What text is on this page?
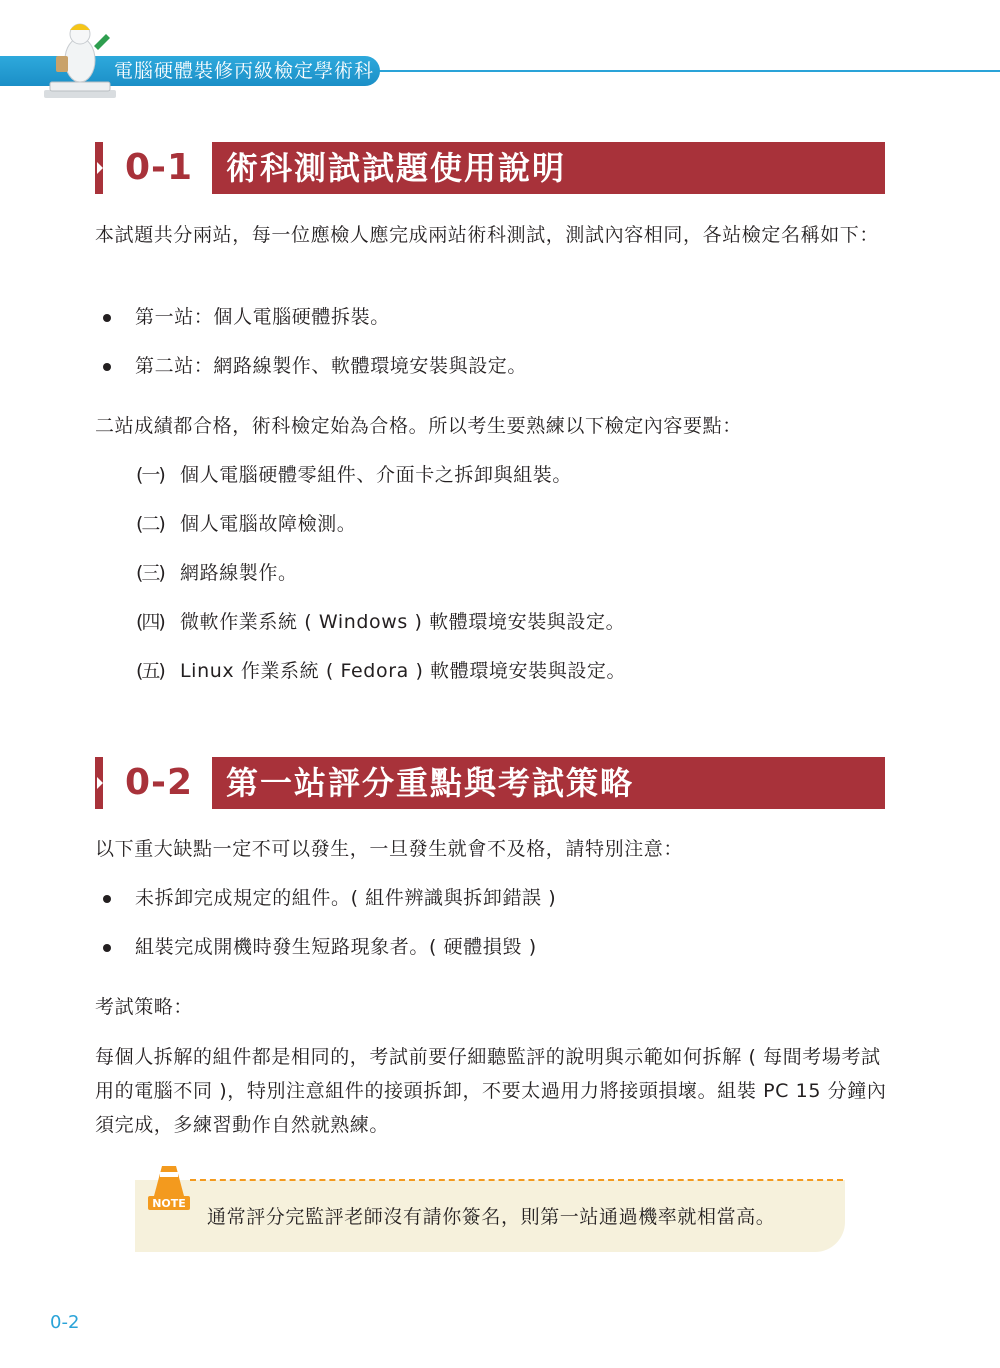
電腦硬體裝修丙級檢定學術科
0-1	術科測試試題使用說明
本試題共分兩站，每一位應檢人應完成兩站術科測試，測試內容相同，各站檢定名稱如下：
第一站：個人電腦硬體拆裝。
第二站：網路線製作、軟體環境安裝與設定。
二站成績都合格，術科檢定始為合格。所以考生要熟練以下檢定內容要點：
(一) 個人電腦硬體零組件、介面卡之拆卸與組裝。
(二) 個人電腦故障檢測。
(三) 網路線製作。
(四) 微軟作業系統 ( Windows ) 軟體環境安裝與設定。
(五) Linux 作業系統 ( Fedora ) 軟體環境安裝與設定。
0-2	第一站評分重點與考試策略
以下重大缺點一定不可以發生，一旦發生就會不及格，請特別注意：
未拆卸完成規定的組件。( 組件辨識與拆卸錯誤 )
組裝完成開機時發生短路現象者。( 硬體損毀 )
考試策略：
每個人拆解的組件都是相同的，考試前要仔細聽監評的說明與示範如何拆解 ( 每間考場考試用的電腦不同 )，特別注意組件的接頭拆卸，不要太過用力將接頭損壞。組裝 PC 15 分鐘內須完成，多練習動作自然就熟練。
NOTE
通常評分完監評老師沒有請你簽名，則第一站通過機率就相當高。
0-2
